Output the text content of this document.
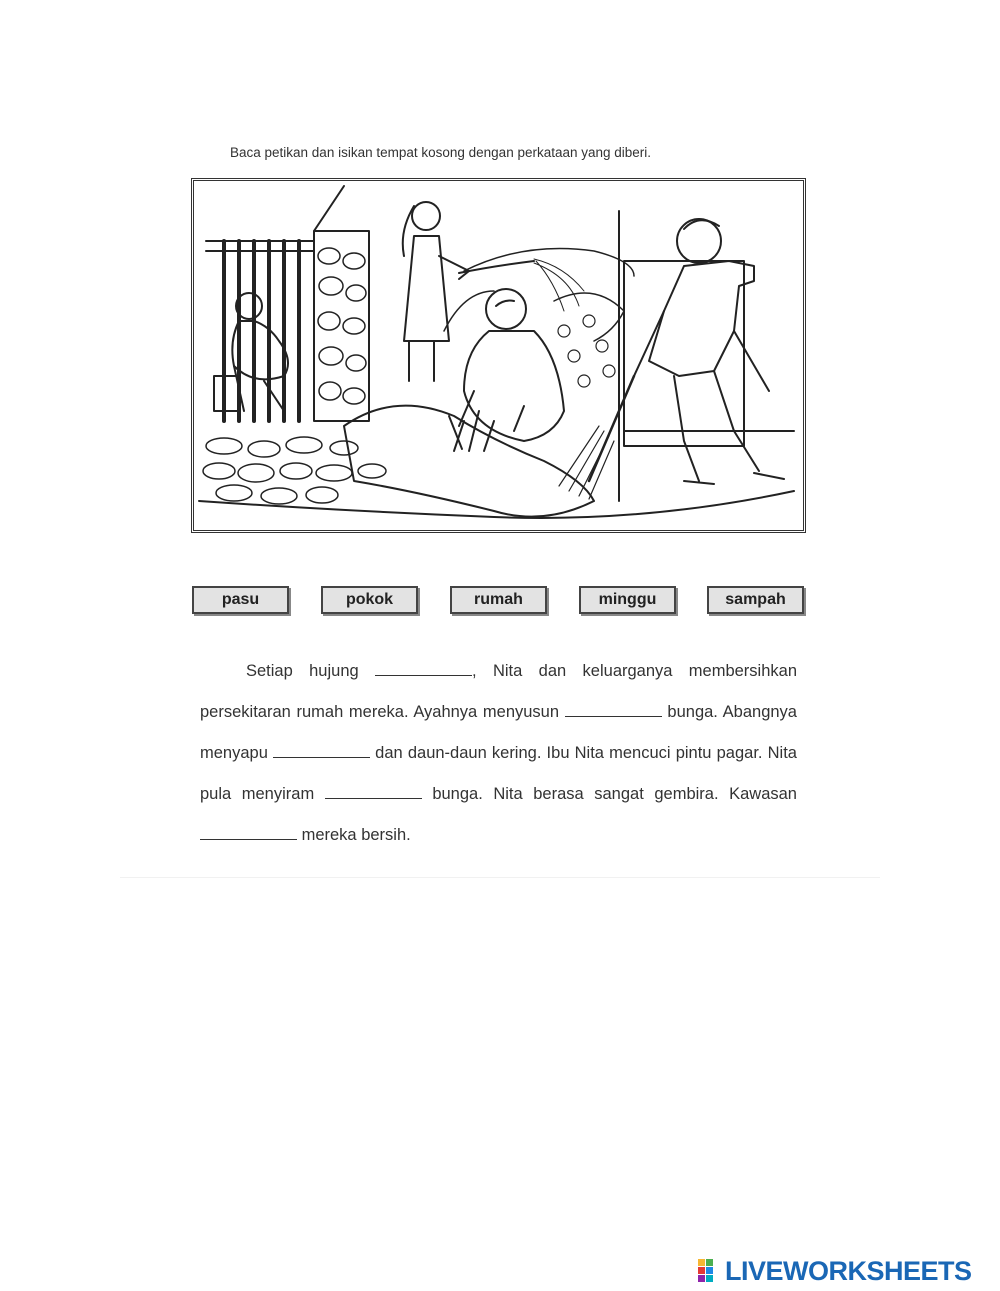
Baca petikan dan isikan tempat kosong dengan perkataan yang diberi.
pasu	pokok	rumah	minggu	sampah

Setiap hujung	, Nita dan keluarganya membersihkan persekitaran rumah mereka. Ayahnya menyusun	bunga. Abangnya menyapu	dan daun-daun kering. Ibu Nita mencuci pintu pagar. Nita pula menyiram	bunga. Nita berasa sangat gembira. Kawasan  mereka bersih.

LIVEWORKSHEETS
